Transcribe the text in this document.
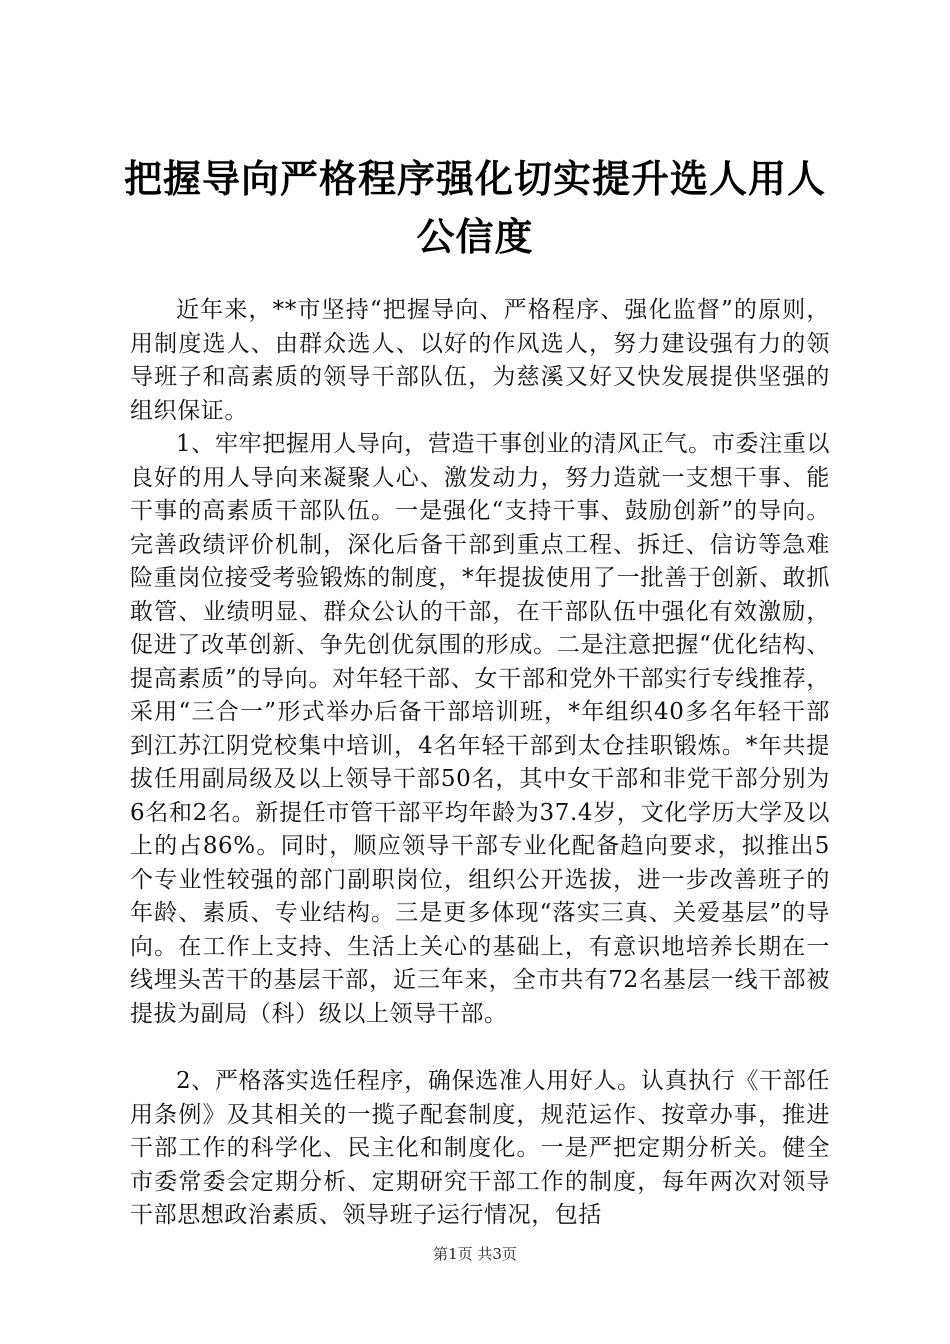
把握导向严格程序强化切实提升选人用人公信度

近年来，**市坚持“把握导向、严格程序、强化监督”的原则，用制度选人、由群众选人、以好的作风选人，努力建设强有力的领导班子和高素质的领导干部队伍，为慈溪又好又快发展提供坚强的组织保证。

1、牢牢把握用人导向，营造干事创业的清风正气。市委注重以良好的用人导向来凝聚人心、激发动力，努力造就一支想干事、能干事的高素质干部队伍。一是强化“支持干事、鼓励创新”的导向。完善政绩评价机制，深化后备干部到重点工程、拆迁、信访等急难险重岗位接受考验锻炼的制度，*年提拔使用了一批善于创新、敢抓敢管、业绩明显、群众公认的干部，在干部队伍中强化有效激励，促进了改革创新、争先创优氛围的形成。二是注意把握“优化结构、提高素质”的导向。对年轻干部、女干部和党外干部实行专线推荐，采用“三合一”形式举办后备干部培训班，*年组织40多名年轻干部到江苏江阴党校集中培训，4名年轻干部到太仓挂职锻炼。*年共提拔任用副局级及以上领导干部50名，其中女干部和非党干部分别为6名和2名。新提任市管干部平均年龄为37.4岁，文化学历大学及以上的占86%。同时，顺应领导干部专业化配备趋向要求，拟推出5个专业性较强的部门副职岗位，组织公开选拔，进一步改善班子的年龄、素质、专业结构。三是更多体现“落实三真、关爱基层”的导向。在工作上支持、生活上关心的基础上，有意识地培养长期在一线埋头苦干的基层干部，近三年来，全市共有72名基层一线干部被提拔为副局（科）级以上领导干部。

2、严格落实选任程序，确保选准人用好人。认真执行《干部任用条例》及其相关的一揽子配套制度，规范运作、按章办事，推进干部工作的科学化、民主化和制度化。一是严把定期分析关。健全市委常委会定期分析、定期研究干部工作的制度，每年两次对领导干部思想政治素质、领导班子运行情况，包括

第1页 共3页
